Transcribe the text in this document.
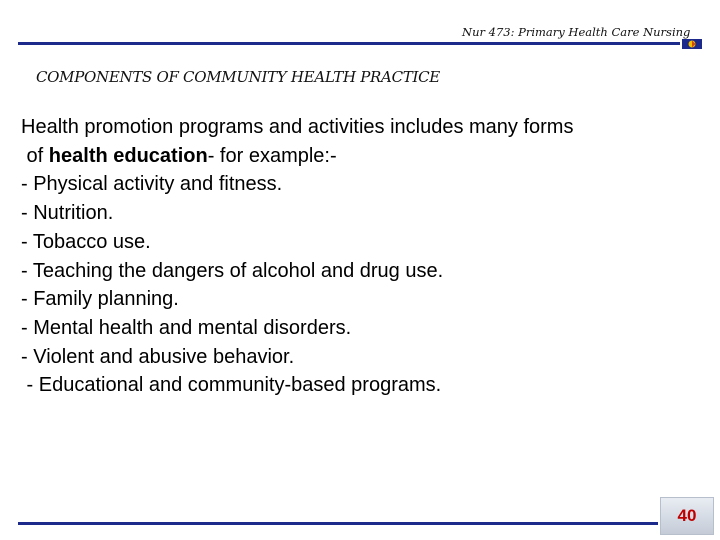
Nur 473: Primary Health Care Nursing
COMPONENTS OF COMMUNITY HEALTH PRACTICE
Health promotion programs and activities includes many forms
of health education- for example:-
- Physical activity and fitness.
- Nutrition.
- Tobacco use.
- Teaching the dangers of alcohol and drug use.
- Family planning.
- Mental health and mental disorders.
- Violent and abusive behavior.
- Educational and community-based programs.
40
